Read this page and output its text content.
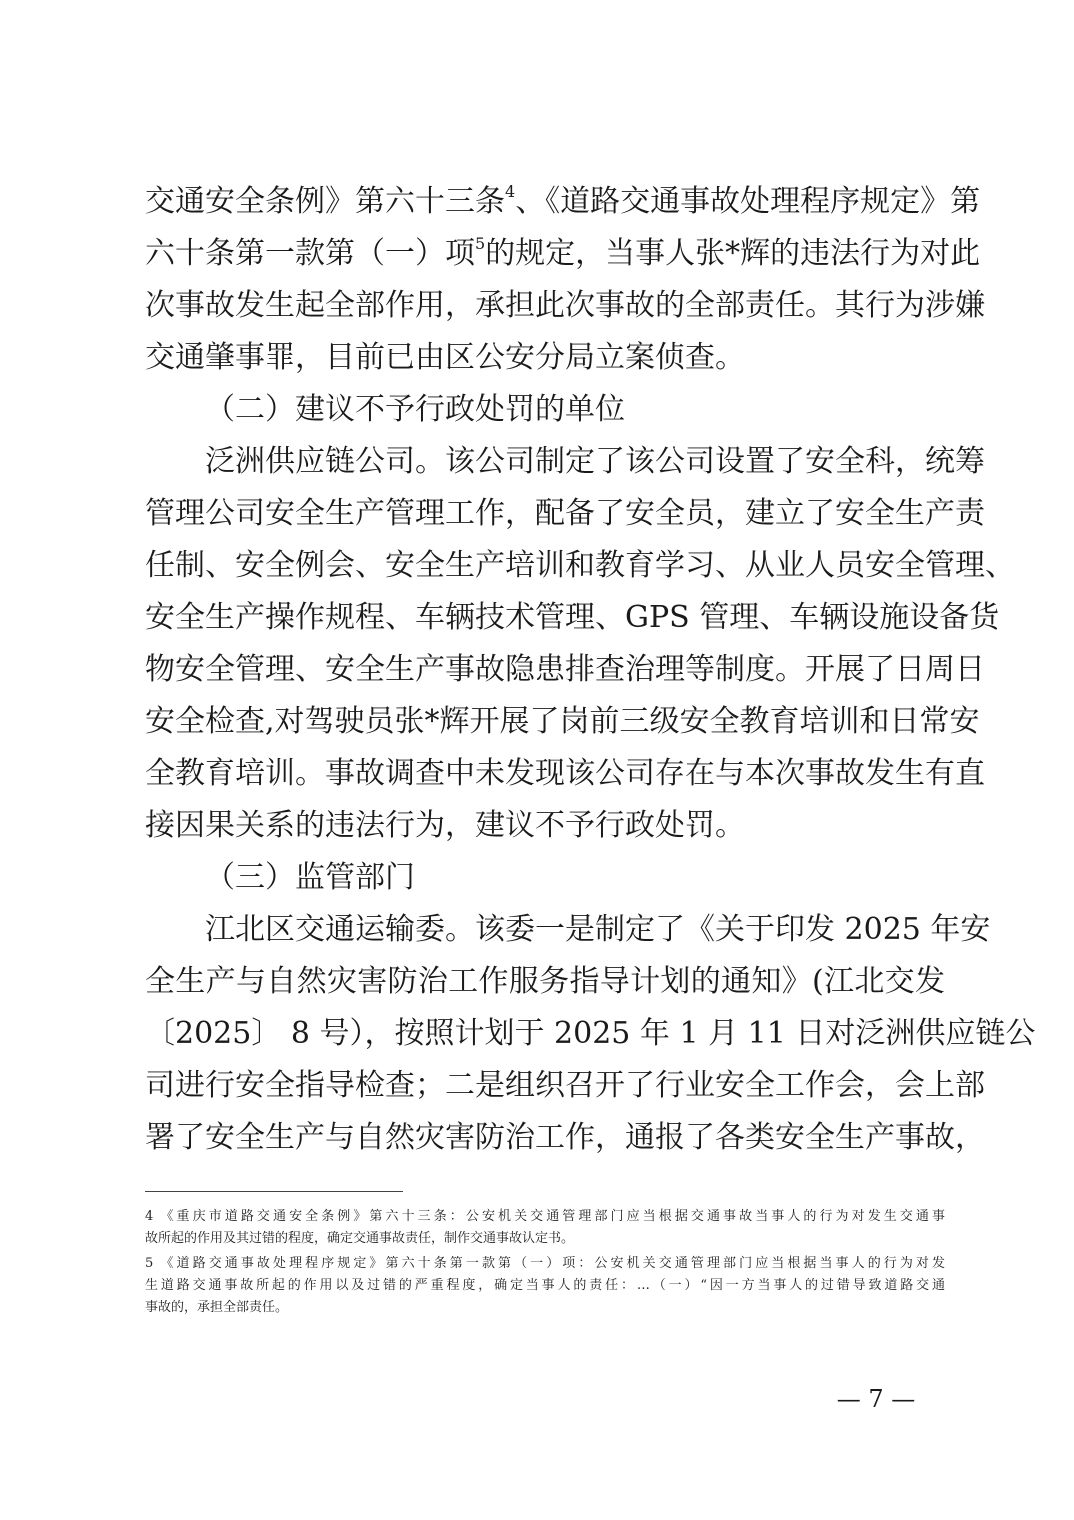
交通安全条例》第六十三条$^4$、《道路交通事故处理程序规定》第
六十条第一款第（一）项$^5$的规定，当事人张*辉的违法行为对此
次事故发生起全部作用，承担此次事故的全部责任。其行为涉嫌
交通肇事罪，目前已由区公安分局立案侦查。
（二）建议不予行政处罚的单位
泛洲供应链公司。该公司制定了该公司设置了安全科，统筹
管理公司安全生产管理工作，配备了安全员，建立了安全生产责
任制、安全例会、安全生产培训和教育学习、从业人员安全管理、
安全生产操作规程、车辆技术管理、GPS 管理、车辆设施设备货
物安全管理、安全生产事故隐患排查治理等制度。开展了日周日
安全检查,对驾驶员张*辉开展了岗前三级安全教育培训和日常安
全教育培训。事故调查中未发现该公司存在与本次事故发生有直
接因果关系的违法行为，建议不予行政处罚。
（三）监管部门
江北区交通运输委。该委一是制定了《关于印发 2025 年安
全生产与自然灾害防治工作服务指导计划的通知》(江北交发
〔2025〕 8 号），按照计划于 2025 年 1 月 11 日对泛洲供应链公
司进行安全指导检查；二是组织召开了行业安全工作会，会上部
署了安全生产与自然灾害防治工作，通报了各类安全生产事故，
4 《重庆市道路交通安全条例》第六十三条：公安机关交通管理部门应当根据交通事故当事人的行为对发生交通事
故所起的作用及其过错的程度，确定交通事故责任，制作交通事故认定书。
5 《道路交通事故处理程序规定》第六十条第一款第（一）项：公安机关交通管理部门应当根据当事人的行为对发
生道路交通事故所起的作用以及过错的严重程度，确定当事人的责任：…（一）“因一方当事人的过错导致道路交通
事故的，承担全部责任。
— 7 —
